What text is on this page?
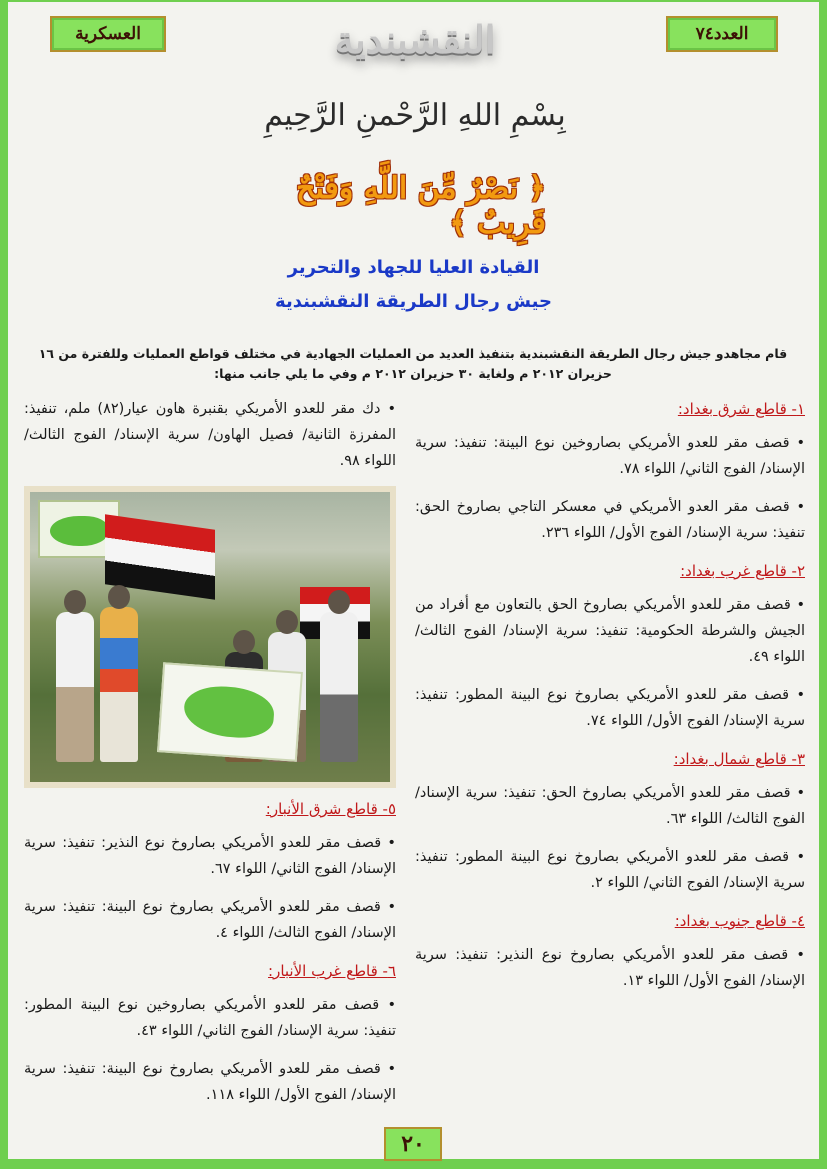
العدد٧٤
النقشبندية
العسكرية
بِسْمِ اللهِ الرَّحْمنِ الرَّحِيمِ
﴿ نَصْرٌ مِّنَ اللَّهِ وَفَتْحٌ قَرِيبٌ ﴾
القيادة العليا للجهاد والتحرير
جيش رجال الطريقة النقشبندية

قام مجاهدو جيش رجال الطريقة النقشبندية بتنفيذ العديد من العمليات الجهادية في مختلف قواطع العمليات وللفترة من ١٦ حزيران ٢٠١٢ م ولغاية ٣٠ حزيران ٢٠١٢ م وفي ما يلي جانب منها:

١- قاطع شرق بغداد:

• قصف مقر للعدو الأمريكي بصاروخين نوع البينة: تنفيذ: سرية الإسناد/ الفوج الثاني/ اللواء ٧٨.

• قصف مقر العدو الأمريكي في معسكر التاجي بصاروخ الحق: تنفيذ: سرية الإسناد/ الفوج الأول/ اللواء ٢٣٦.

٢- قاطع غرب بغداد:

• قصف مقر للعدو الأمريكي بصاروخ الحق بالتعاون مع أفراد من الجيش والشرطة الحكومية: تنفيذ: سرية الإسناد/ الفوج الثالث/ اللواء ٤٩.

• قصف مقر للعدو الأمريكي بصاروخ نوع البينة المطور: تنفيذ: سرية الإسناد/ الفوج الأول/ اللواء ٧٤.

٣- قاطع شمال بغداد:

• قصف مقر للعدو الأمريكي بصاروخ الحق: تنفيذ: سرية الإسناد/ الفوج الثالث/ اللواء ٦٣.

• قصف مقر للعدو الأمريكي بصاروخ نوع البينة المطور: تنفيذ: سرية الإسناد/ الفوج الثاني/ اللواء ٢.

٤- قاطع جنوب بغداد:

• قصف مقر للعدو الأمريكي بصاروخ نوع النذير: تنفيذ: سرية الإسناد/ الفوج الأول/ اللواء ١٣.

• دك مقر للعدو الأمريكي بقنبرة هاون عيار(٨٢) ملم، تنفيذ: المفرزة الثانية/ فصيل الهاون/ سرية الإسناد/ الفوج الثالث/ اللواء ٩٨.

٥- قاطع شرق الأنبار:

• قصف مقر للعدو الأمريكي بصاروخ نوع النذير: تنفيذ: سرية الإسناد/ الفوج الثاني/ اللواء ٦٧.

• قصف مقر للعدو الأمريكي بصاروخ نوع البينة: تنفيذ: سرية الإسناد/ الفوج الثالث/ اللواء ٤.

٦- قاطع غرب الأنبار:

• قصف مقر للعدو الأمريكي بصاروخين نوع البينة المطور: تنفيذ: سرية الإسناد/ الفوج الثاني/ اللواء ٤٣.

• قصف مقر للعدو الأمريكي بصاروخ نوع البينة: تنفيذ: سرية الإسناد/ الفوج الأول/ اللواء ١١٨.

٢٠
